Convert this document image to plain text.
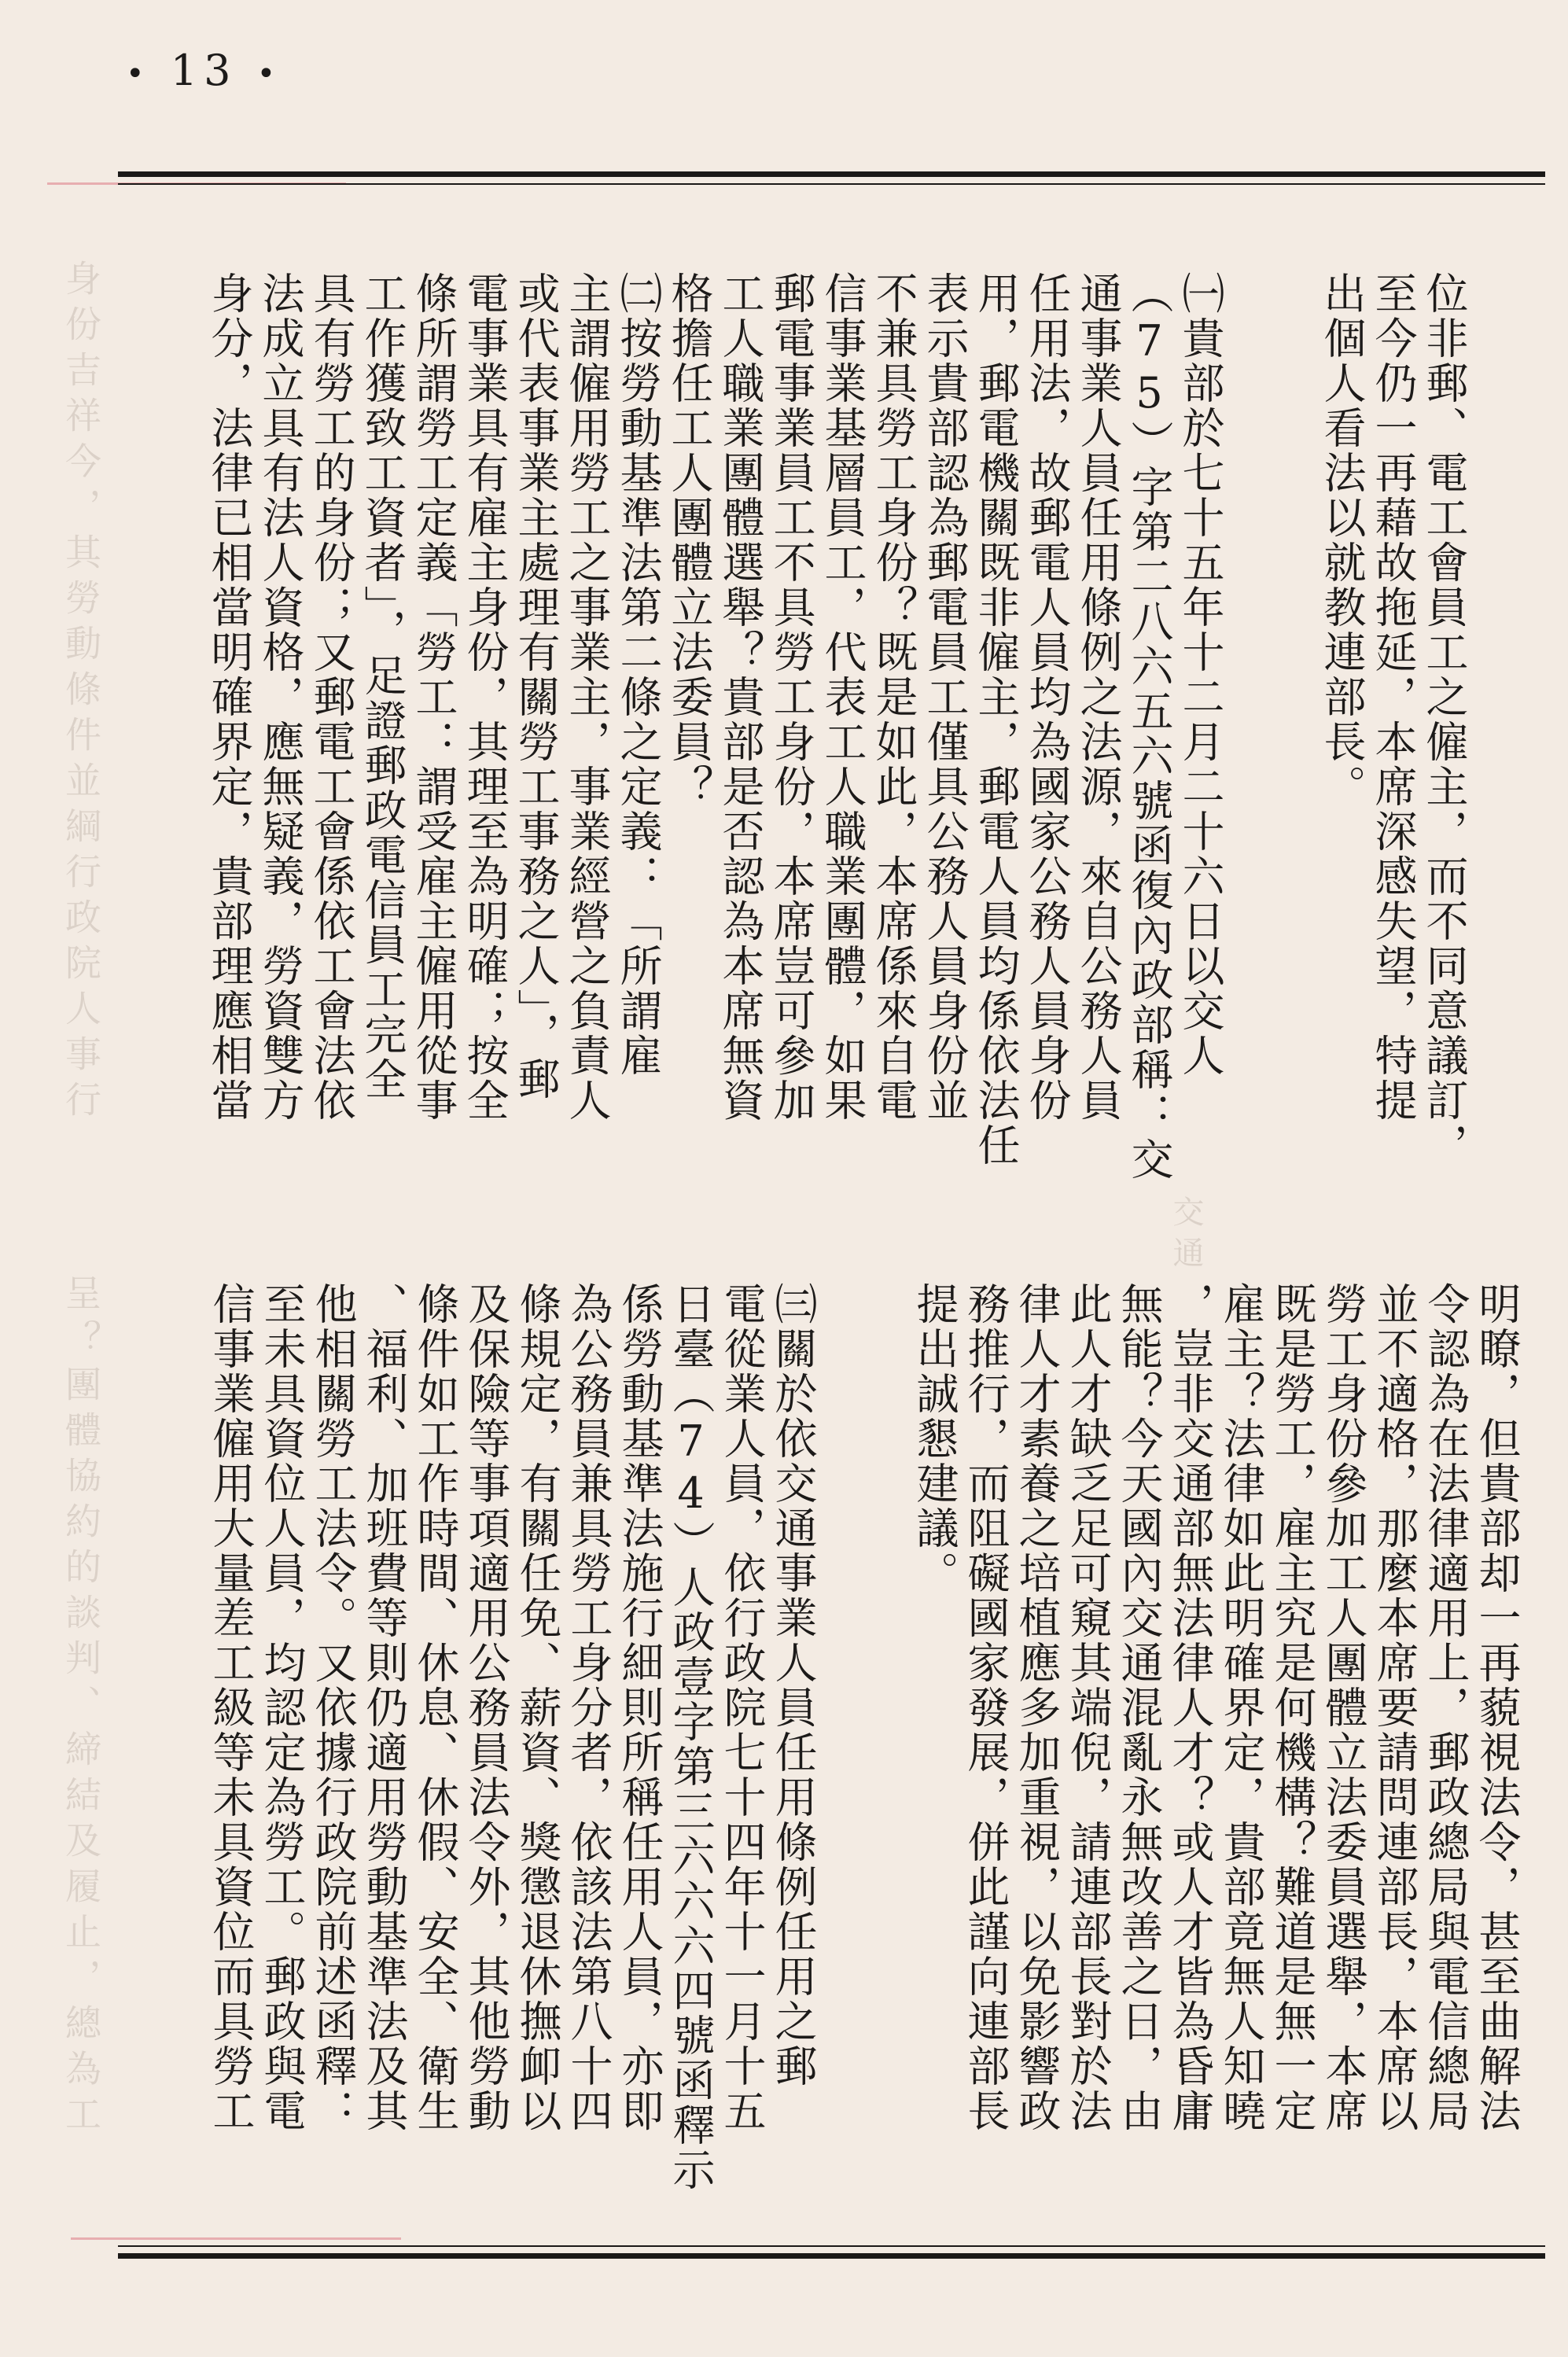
身份吉祥今，其勞動條件並綱行政院人事行
呈？團體協約的談判、締結及履止，總為工
交通
• 13 •
位非郵、電工會員工之僱主，而不同意議訂，
至今仍一再藉故拖延，本席深感失望，特提
出個人看法以就教連部長。
㈠貴部於七十五年十二月二十六日以交人
（75）字第二八六五六號函復內政部稱：交
通事業人員任用條例之法源，來自公務人員
任用法，故郵電人員均為國家公務人員身份
用，郵電機關既非僱主，郵電人員均係依法任
表示貴部認為郵電員工僅具公務人員身份並
不兼具勞工身份？既是如此，本席係來自電
信事業基層員工，代表工人職業團體，如果
郵電事業員工不具勞工身份，本席豈可參加
工人職業團體選舉？貴部是否認為本席無資
格擔任工人團體立法委員？
㈡按勞動基準法第二條之定義：「所謂雇
主謂僱用勞工之事業主，事業經營之負責人
或代表事業主處理有關勞工事務之人」，郵
電事業具有雇主身份，其理至為明確；按全
條所謂勞工定義「勞工：謂受雇主僱用從事
工作獲致工資者」，足證郵政電信員工完全
具有勞工的身份；又郵電工會係依工會法依
法成立具有法人資格，應無疑義，勞資雙方
身分，法律已相當明確界定，貴部理應相當
明瞭，但貴部却一再藐視法令，甚至曲解法
令認為在法律適用上，郵政總局與電信總局
並不適格，那麼本席要請問連部長，本席以
勞工身份參加工人團體立法委員選舉，本席
既是勞工，雇主究是何機構？難道是無一定
雇主？法律如此明確界定，貴部竟無人知曉
，豈非交通部無法律人才？或人才皆為昏庸
無能？今天國內交通混亂永無改善之日，由
此人才缺乏足可窺其端倪，請連部長對於法
律人才素養之培植應多加重視，以免影響政
務推行，而阻礙國家發展，併此謹向連部長
提出誠懇建議。
㈢關於依交通事業人員任用條例任用之郵
電從業人員，依行政院七十四年十一月十五
日臺（74）人政壹字第三六六六四號函釋示
係勞動基準法施行細則所稱任用人員，亦即
為公務員兼具勞工身分者，依該法第八十四
條規定，有關任免、薪資、獎懲退休撫卹以
及保險等事項適用公務員法令外，其他勞動
條件如工作時間、休息、休假、安全、衛生
、福利、加班費等則仍適用勞動基準法及其
他相關勞工法令。又依據行政院前述函釋：
至未具資位人員，均認定為勞工。郵政與電
信事業僱用大量差工級等未具資位而具勞工
